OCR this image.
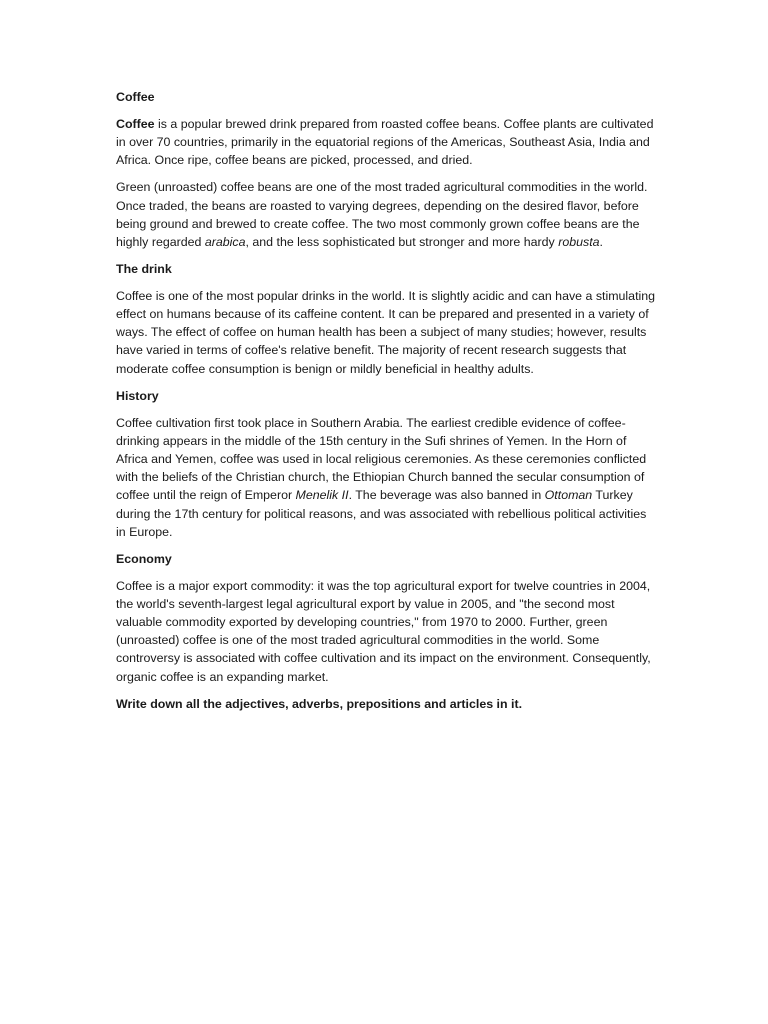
Coffee

Coffee is a popular brewed drink prepared from roasted coffee beans. Coffee plants are cultivated in over 70 countries, primarily in the equatorial regions of the Americas, Southeast Asia, India and Africa. Once ripe, coffee beans are picked, processed, and dried.

Green (unroasted) coffee beans are one of the most traded agricultural commodities in the world. Once traded, the beans are roasted to varying degrees, depending on the desired flavor, before being ground and brewed to create coffee. The two most commonly grown coffee beans are the highly regarded arabica, and the less sophisticated but stronger and more hardy robusta.

The drink

Coffee is one of the most popular drinks in the world. It is slightly acidic and can have a stimulating effect on humans because of its caffeine content. It can be prepared and presented in a variety of ways. The effect of coffee on human health has been a subject of many studies; however, results have varied in terms of coffee's relative benefit. The majority of recent research suggests that moderate coffee consumption is benign or mildly beneficial in healthy adults.

History

Coffee cultivation first took place in Southern Arabia. The earliest credible evidence of coffee-drinking appears in the middle of the 15th century in the Sufi shrines of Yemen. In the Horn of Africa and Yemen, coffee was used in local religious ceremonies. As these ceremonies conflicted with the beliefs of the Christian church, the Ethiopian Church banned the secular consumption of coffee until the reign of Emperor Menelik II. The beverage was also banned in Ottoman Turkey during the 17th century for political reasons, and was associated with rebellious political activities in Europe.

Economy

Coffee is a major export commodity: it was the top agricultural export for twelve countries in 2004, the world's seventh-largest legal agricultural export by value in 2005, and "the second most valuable commodity exported by developing countries," from 1970 to 2000. Further, green (unroasted) coffee is one of the most traded agricultural commodities in the world. Some controversy is associated with coffee cultivation and its impact on the environment. Consequently, organic coffee is an expanding market.

Write down all the adjectives, adverbs, prepositions and articles in it.
